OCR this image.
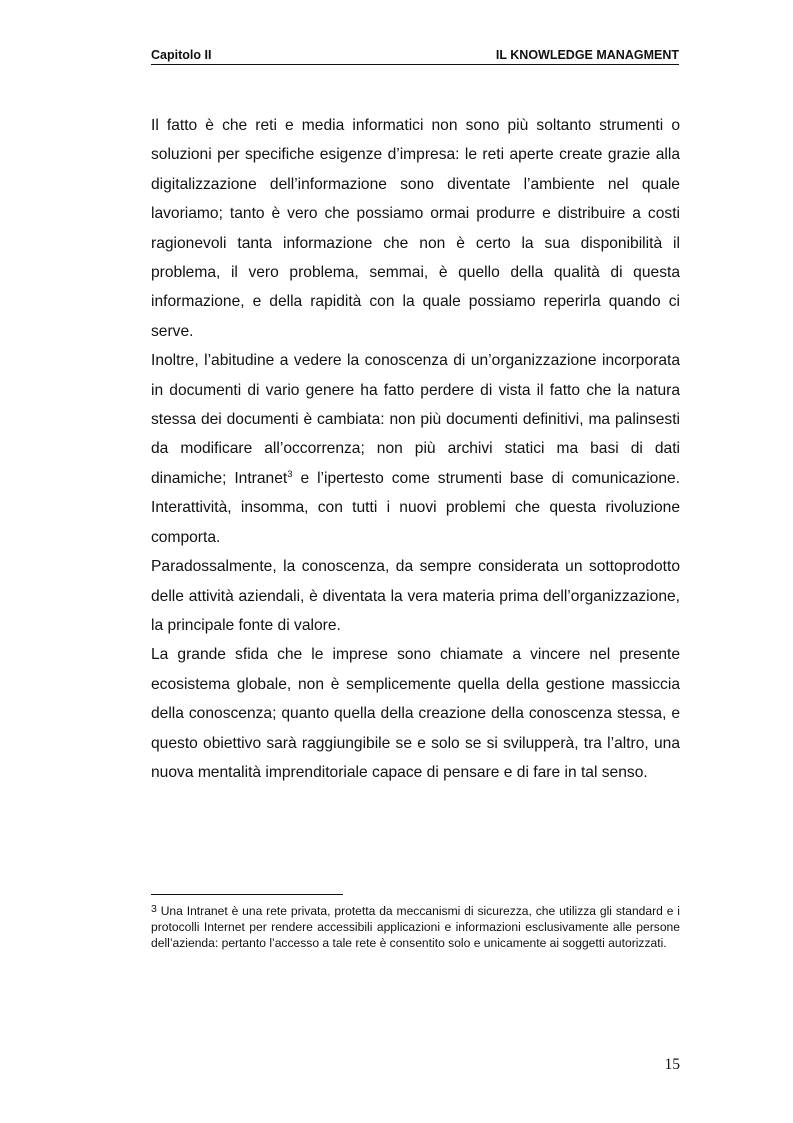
Capitolo II	IL KNOWLEDGE MANAGMENT

Il fatto è che reti e media informatici non sono più soltanto strumenti o soluzioni per specifiche esigenze d’impresa: le reti aperte create grazie alla digitalizzazione dell’informazione sono diventate l’ambiente nel quale lavoriamo; tanto è vero che possiamo ormai produrre e distribuire a costi ragionevoli tanta informazione che non è certo la sua disponibilità il problema, il vero problema, semmai, è quello della qualità di questa informazione, e della rapidità con la quale possiamo reperirla quando ci serve.

Inoltre, l’abitudine a vedere la conoscenza di un’organizzazione incorporata in documenti di vario genere ha fatto perdere di vista il fatto che la natura stessa dei documenti è cambiata: non più documenti definitivi, ma palinsesti da modificare all’occorrenza; non più archivi statici ma basi di dati dinamiche; Intranet$^3$ e l’ipertesto come strumenti base di comunicazione. Interattività, insomma, con tutti i nuovi problemi che questa rivoluzione comporta.

Paradossalmente, la conoscenza, da sempre considerata un sottoprodotto delle attività aziendali, è diventata la vera materia prima dell’organizzazione, la principale fonte di valore.

La grande sfida che le imprese sono chiamate a vincere nel presente ecosistema globale, non è semplicemente quella della gestione massiccia della conoscenza; quanto quella della creazione della conoscenza stessa, e questo obiettivo sarà raggiungibile se e solo se si svilupperà, tra l’altro, una nuova mentalità imprenditoriale capace di pensare e di fare in tal senso.

3 Una Intranet è una rete privata, protetta da meccanismi di sicurezza, che utilizza gli standard e i protocolli Internet per rendere accessibili applicazioni e informazioni esclusivamente alle persone dell’azienda: pertanto l’accesso a tale rete è consentito solo e unicamente ai soggetti autorizzati.
15
